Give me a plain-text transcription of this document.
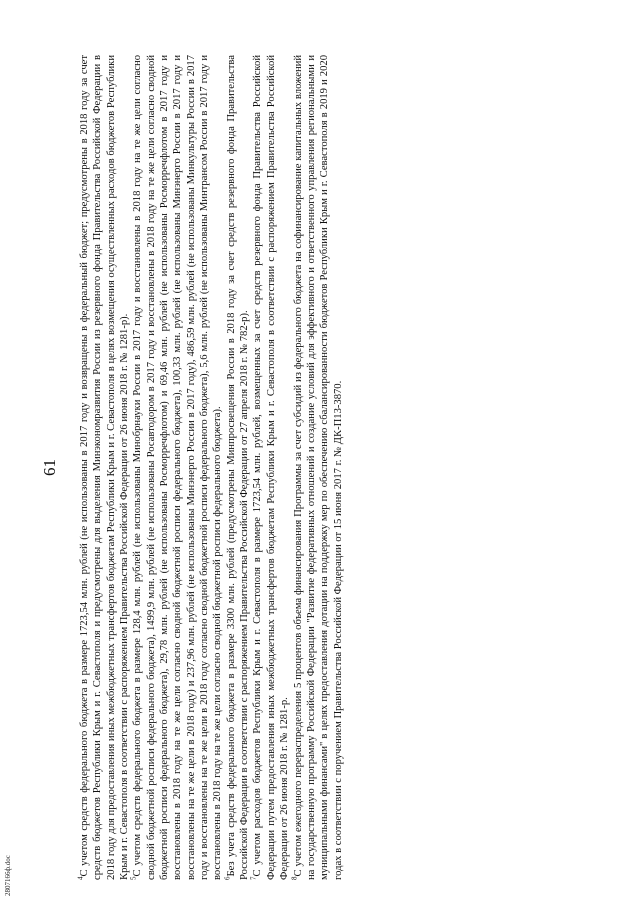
61

$^4$С учетом средств федерального бюджета в размере 1723,54 млн. рублей (не использованы в 2017 году и возвращены в федеральный бюджет; предусмотрены в 2018 году за счет средств бюджетов Республики Крым и г. Севастополя и предусмотрены для выделения Минэкономразвития России из резервного фонда Правительства Российской Федерации в 2018 году для предоставления иных межбюджетных трансфертов бюджетам Республики Крым и г. Севастополя в целях возмещения осуществленных расходов бюджетов Республики Крым и г. Севастополя в соответствии с распоряжением Правительства Российской Федерации от 26 июня 2018 г. № 1281-р). $^5$С учетом средств федерального бюджета в размере 128,4 млн. рублей (не использованы Минобрнауки России в 2017 году и восстановлены в 2018 году на те же цели согласно сводной бюджетной росписи федерального бюджета), 1499,9 млн. рублей (не использованы Росавтодором в 2017 году и восстановлены в 2018 году на те же цели согласно сводной бюджетной росписи федерального бюджета), 29,78 млн. рублей (не использованы Росморречфлотом) и 69,46 млн. рублей (не использованы Росморречфлотом в 2017 году и восстановлены в 2018 году на те же цели согласно сводной бюджетной росписи федерального бюджета), 100,33 млн. рублей (не использованы Минэнерго России в 2017 году и восстановлены на те же цели в 2018 году) и 237,96 млн. рублей (не использованы Минэнерго России в 2017 году), 486,59 млн. рублей (не использованы Минкультуры России в 2017 году и восстановлены на те же цели в 2018 году согласно сводной бюджетной росписи федерального бюджета), 5,6 млн. рублей (не использованы Минтрансом России в 2017 году и восстановлены в 2018 году на те же цели согласно сводной бюджетной росписи федерального бюджета). $^6$Без учета средств федерального бюджета в размере 3300 млн. рублей (предусмотрены Минпросвещения России в 2018 году за счет средств резервного фонда Правительства Российской Федерации в соответствии с распоряжением Правительства Российской Федерации от 27 апреля 2018 г. № 782-р). $^7$С учетом расходов бюджетов Республики Крым и г. Севастополя в размере 1723,54 млн. рублей, возмещенных за счет средств резервного фонда Правительства Российской Федерации путем предоставления иных межбюджетных трансфертов бюджетам Республики Крым и г. Севастополя в соответствии с распоряжением Правительства Российской Федерации от 26 июня 2018 г. № 1281-р. $^8$С учетом ежегодного перераспределения 5 процентов объема финансирования Программы за счет субсидий из федерального бюджета на софинансирование капитальных вложений на государственную программу Российской Федерации "Развитие федеративных отношений и создание условий для эффективного и ответственного управления региональными и муниципальными финансами" в целях предоставления дотации на поддержку мер по обеспечению сбалансированности бюджетов Республики Крым и г. Севастополя в 2019 и 2020 годах в соответствии с поручением Правительства Российской Федерации от 15 июня 2017 г. № ДК-П13-3870.

2807166ф.doc
